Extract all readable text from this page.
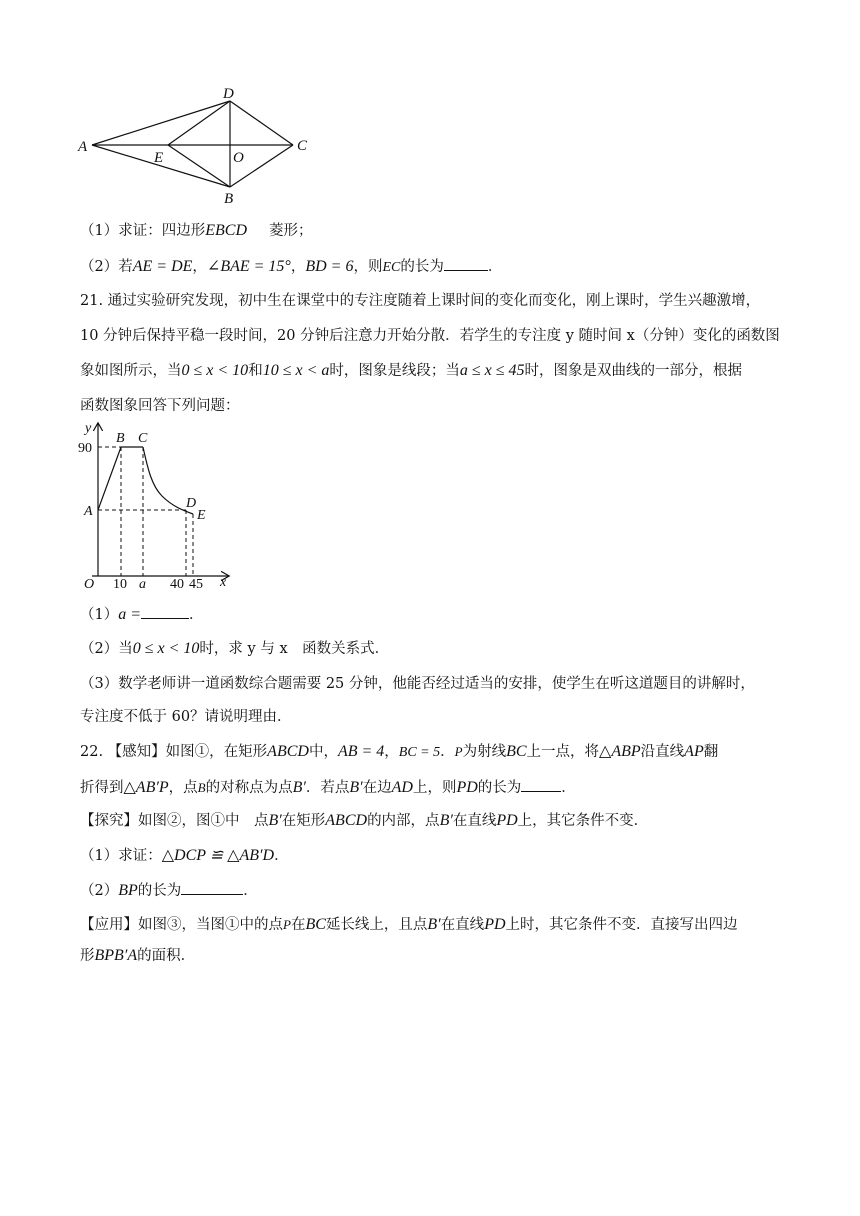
A
D
C
B
E	O
（1）求证：四边形EBCD 菱形；
（2）若AE = DE，∠BAE = 15°，BD = 6，则EC的长为	．
21. 通过实验研究发现，初中生在课堂中的专注度随着上课时间的变化而变化，刚上课时，学生兴趣激增，
10 分钟后保持平稳一段时间，20 分钟后注意力开始分散．若学生的专注度 y 随时间 x（分钟）变化的函数图
象如图所示，当0 ≤ x < 10和10 ≤ x < a时，图象是线段；当a ≤ x ≤ 45时，图象是双曲线的一部分，根据
函数图象回答下列问题：
y
90
A
B C
D
E
O 10 a 40 45 x
（1）a =	．
（2）当0 ≤ x < 10时，求 y 与 x　函数关系式．
（3）数学老师讲一道函数综合题需要 25 分钟，他能否经过适当的安排，使学生在听这道题目的讲解时，
专注度不低于 60？请说明理由．
22. 【感知】如图①，在矩形ABCD中，AB = 4，BC = 5．P为射线BC上一点，将△ABP沿直线AP翻
折得到△AB′P，点B的对称点为点B′．若点B′在边AD上，则PD的长为	．
【探究】如图②，图①中　点B′在矩形ABCD的内部，点B′在直线PD上，其它条件不变．
（1）求证：△DCP ≌ △AB′D．
（2）BP的长为	．
【应用】如图③，当图①中的点P在BC延长线上，且点B′在直线PD上时，其它条件不变．直接写出四边
形BPB′A的面积．
